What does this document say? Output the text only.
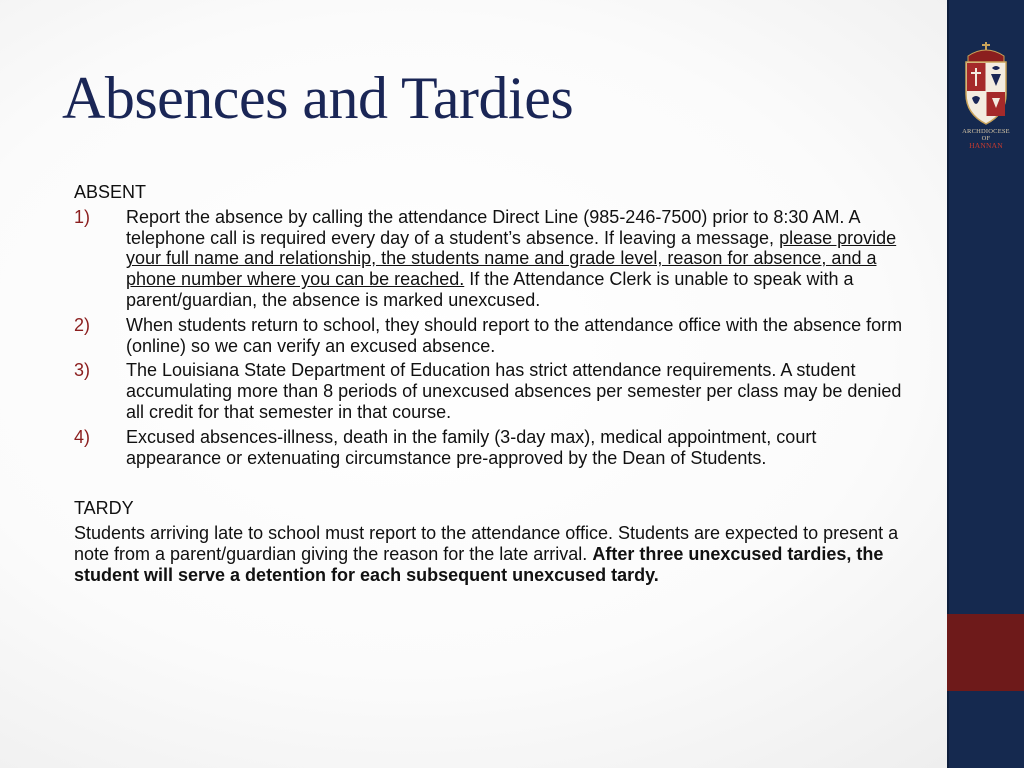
Absences and Tardies

ABSENT

1)	Report the absence by calling the attendance Direct Line (985-246-7500) prior to 8:30 AM. A telephone call is required every day of a student’s absence. If leaving a message, please provide your full name and relationship, the students name and grade level, reason for absence, and a phone number where you can be reached. If the Attendance Clerk is unable to speak with a parent/guardian, the absence is marked unexcused.
2)	When students return to school, they should report to the attendance office with the absence form (online) so we can verify an excused absence.
3)	The Louisiana State Department of Education has strict attendance requirements. A student accumulating more than 8 periods of unexcused absences per semester per class may be denied all credit for that semester in that course.
4)	Excused absences-illness, death in the family (3-day max), medical appointment, court appearance or extenuating circumstance pre-approved by the Dean of Students.

TARDY

Students arriving late to school must report to the attendance office. Students are expected to present a note from a parent/guardian giving the reason for the late arrival. After three unexcused tardies, the student will serve a detention for each subsequent unexcused tardy.

ARCHDIOCESE OF
HANNAN
